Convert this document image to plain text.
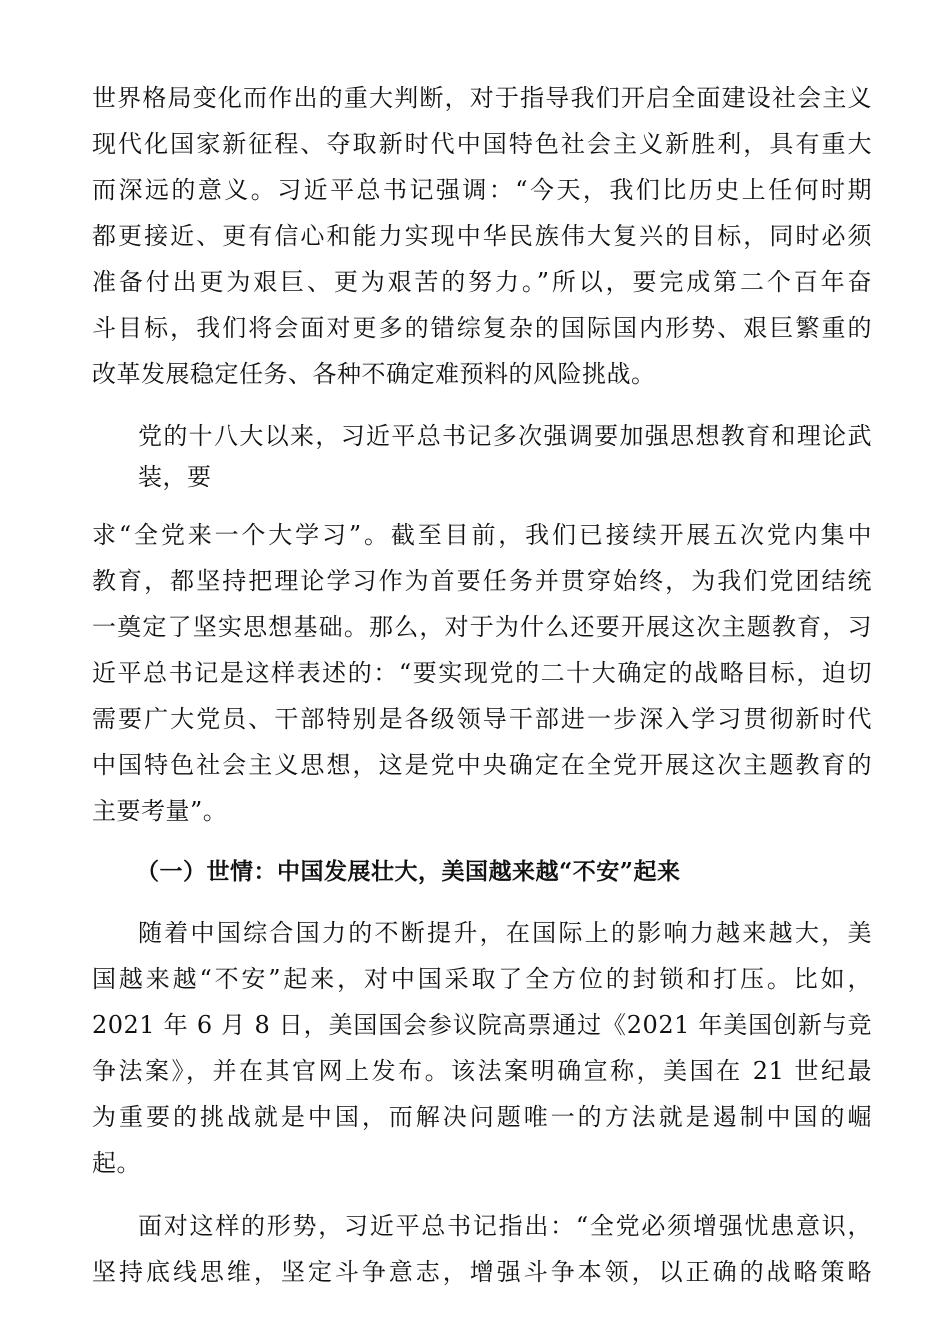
世界格局变化而作出的重大判断，对于指导我们开启全面建设社会主义
现代化国家新征程、夺取新时代中国特色社会主义新胜利，具有重大
而深远的意义。习近平总书记强调：“今天，我们比历史上任何时期
都更接近、更有信心和能力实现中华民族伟大复兴的目标，同时必须
准备付出更为艰巨、更为艰苦的努力。”所以，要完成第二个百年奋
斗目标，我们将会面对更多的错综复杂的国际国内形势、艰巨繁重的
改革发展稳定任务、各种不确定难预料的风险挑战。
党的十八大以来，习近平总书记多次强调要加强思想教育和理论武
装，要
求“全党来一个大学习”。截至目前，我们已接续开展五次党内集中
教育，都坚持把理论学习作为首要任务并贯穿始终，为我们党团结统
一奠定了坚实思想基础。那么，对于为什么还要开展这次主题教育，习
近平总书记是这样表述的：“要实现党的二十大确定的战略目标，迫切
需要广大党员、干部特别是各级领导干部进一步深入学习贯彻新时代
中国特色社会主义思想，这是党中央确定在全党开展这次主题教育的
主要考量”。
（一）世情：中国发展壮大，美国越来越“不安”起来
随着中国综合国力的不断提升，在国际上的影响力越来越大，美
国越来越“不安”起来，对中国采取了全方位的封锁和打压。比如，
2021 年 6 月 8 日，美国国会参议院高票通过《2021 年美国创新与竞
争法案》，并在其官网上发布。该法案明确宣称，美国在 21 世纪最
为重要的挑战就是中国，而解决问题唯一的方法就是遏制中国的崛
起。
面对这样的形势，习近平总书记指出：“全党必须增强忧患意识，
坚持底线思维，坚定斗争意志，增强斗争本领，以正确的战略策略
